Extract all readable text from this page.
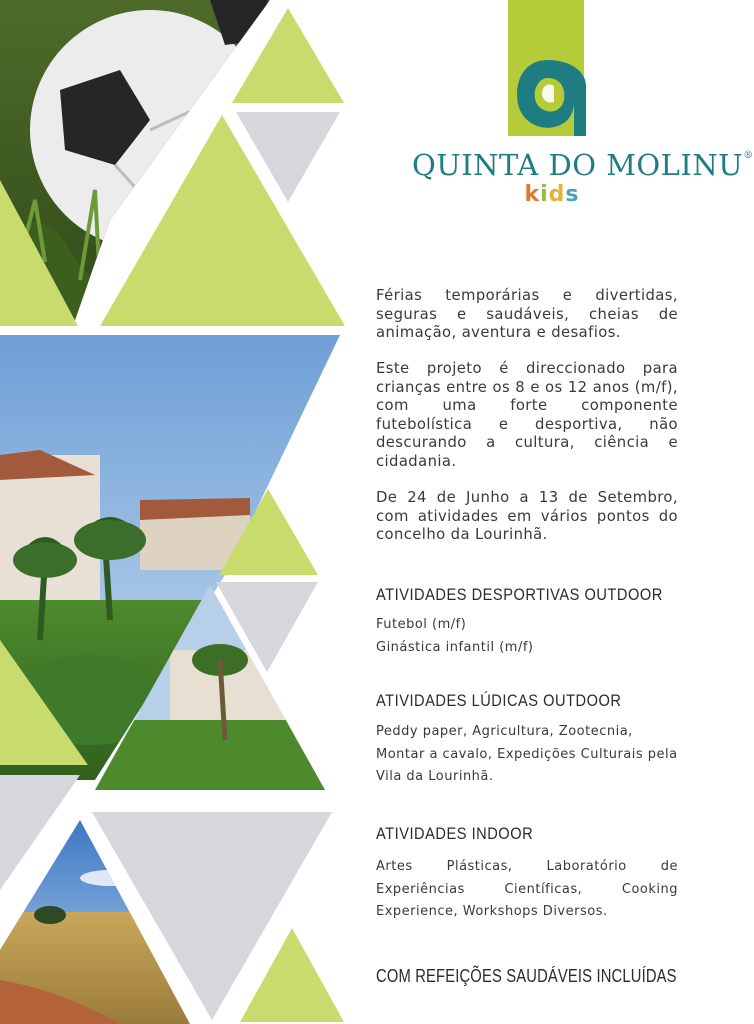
QUINTA DO MOLINU®
kids

Férias temporárias e divertidas, seguras e saudáveis, cheias de animação, aventura e desafios.

Este projeto é direccionado para crianças entre os 8 e os 12 anos (m/f), com uma forte componente futebolística e desportiva, não descurando a cultura, ciência e cidadania.

De 24 de Junho a 13 de Setembro, com atividades em vários pontos do concelho da Lourinhã.

ATIVIDADES DESPORTIVAS OUTDOOR

Futebol (m/f)

Ginástica infantil (m/f)

ATIVIDADES LÚDICAS OUTDOOR

Peddy paper, Agricultura, Zootecnia, Montar a cavalo, Expedições Culturais pela Vila da Lourinhã.

ATIVIDADES INDOOR

Artes Plásticas, Laboratório de Experiências Científicas, Cooking Experience, Workshops Diversos.

COM REFEIÇÕES SAUDÁVEIS INCLUÍDAS
